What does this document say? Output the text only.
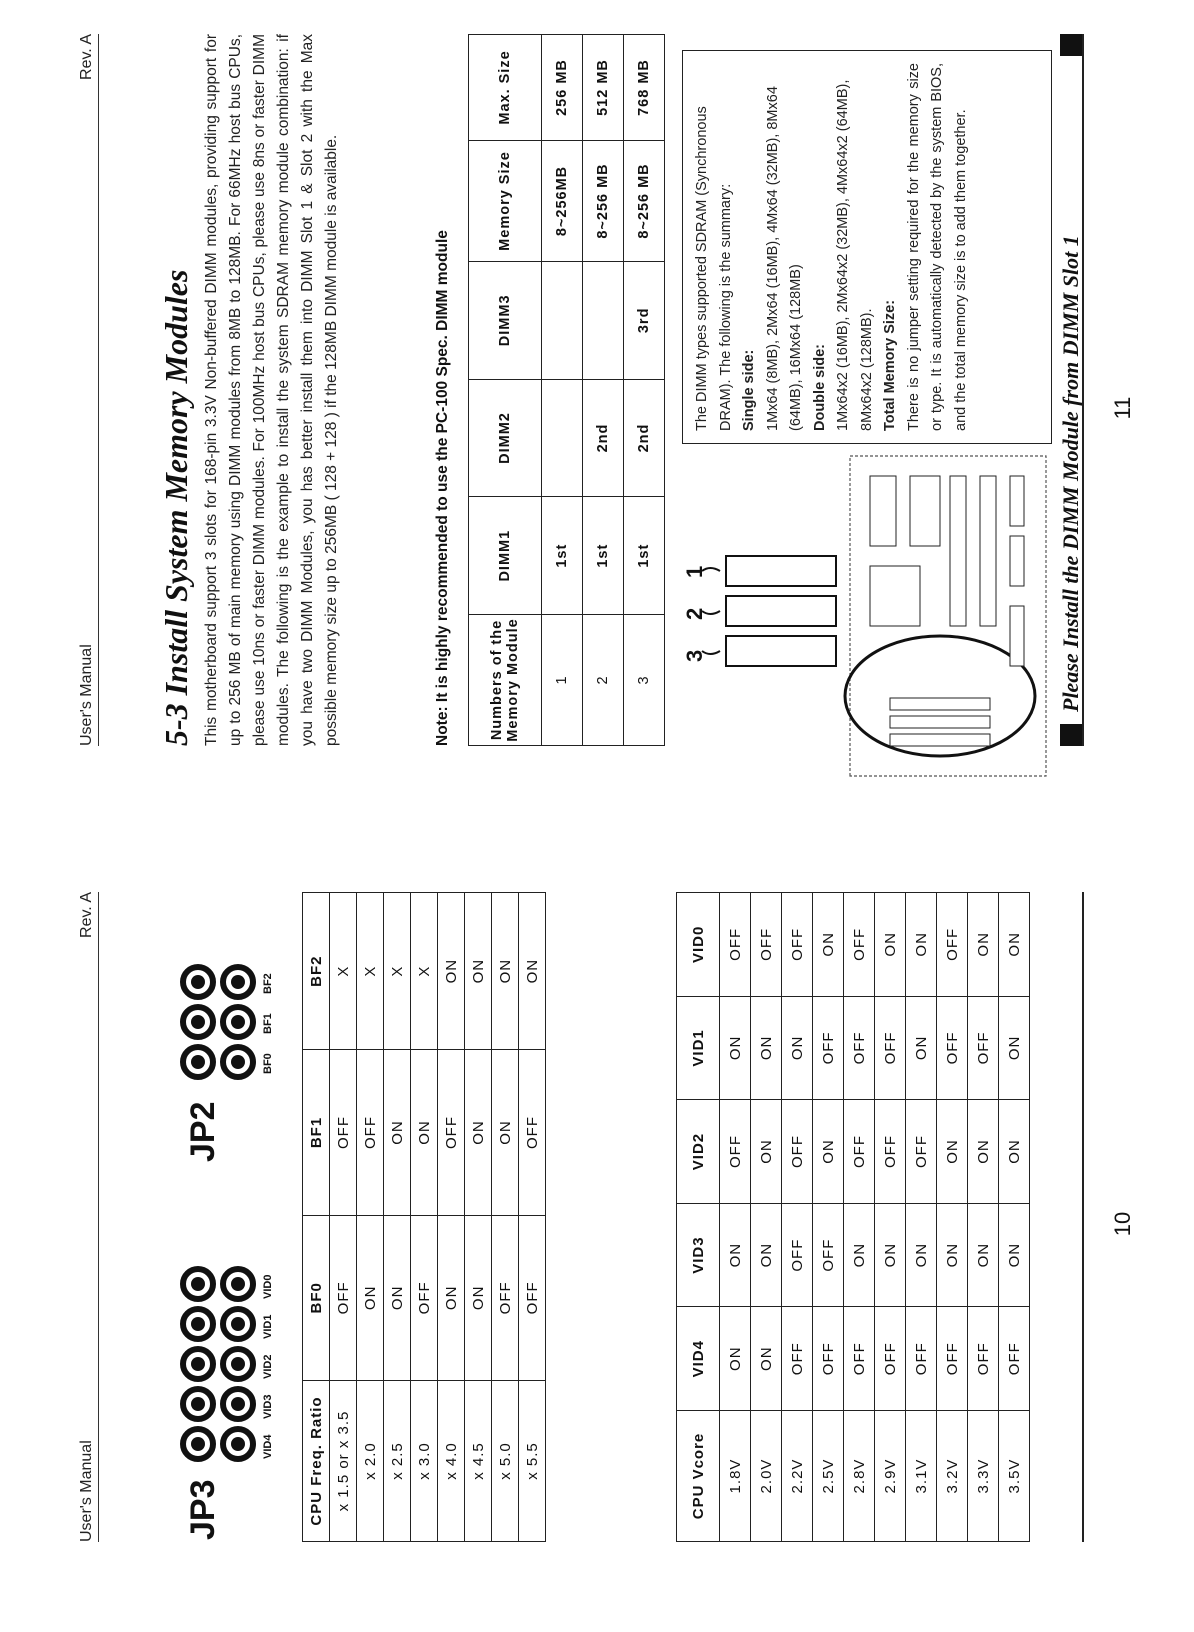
User's Manual
Rev. A
JP3
VID4
VID3
VID2
VID1
VID0
JP2
BF0
BF1
BF2
CPU Freq. Ratio	BF0	BF1	BF2
x 1.5 or x 3.5	OFF	OFF	X
x 2.0	ON	OFF	X
x 2.5	ON	ON	X
x 3.0	OFF	ON	X
x 4.0	ON	OFF	ON
x 4.5	ON	ON	ON
x 5.0	OFF	ON	ON
x 5.5	OFF	OFF	ON
CPU Vcore	VID4	VID3	VID2	VID1	VID0
1.8V	ON	ON	OFF	ON	OFF
2.0V	ON	ON	ON	ON	OFF
2.2V	OFF	OFF	OFF	ON	OFF
2.5V	OFF	OFF	ON	OFF	ON
2.8V	OFF	ON	OFF	OFF	OFF
2.9V	OFF	ON	OFF	OFF	ON
3.1V	OFF	ON	OFF	ON	ON
3.2V	OFF	ON	ON	OFF	OFF
3.3V	OFF	ON	ON	OFF	ON
3.5V	OFF	ON	ON	ON	ON
10
User's Manual
Rev. A
5-3 Install System Memory Modules This motherboard support 3 slots for 168-pin 3.3V Non-buffered DIMM modules, providing support for up to 256 MB of main memory using DIMM modules from 8MB to 128MB. For 66MHz host bus CPUs, please use 10ns or faster DIMM modules. For 100MHz host bus CPUs, please use 8ns or faster DIMM modules. The following is the example to install the system SDRAM memory module combination: if you have two DIMM Modules, you has better install them into DIMM Slot 1 & Slot 2 with the Max possible memory size up to 256MB ( 128 + 128 ) if the 128MB DIMM module is available.	Note: It is highly recommended to use the PC-100 Spec. DIMM module	Numbers of the Memory Module	DIMM1	DIMM2	DIMM3	Memory Size	Max. Size
1	1st			8~256MB	256 MB
2	1st	2nd		8~256 MB	512 MB
3	1st	2nd	3rd	8~256 MB	768 MB
3
2
1
The DIMM types supported SDRAM (Synchronous DRAM). The following is the summary: Single side: 1Mx64 (8MB), 2Mx64 (16MB), 4Mx64 (32MB), 8Mx64 (64MB), 16Mx64 (128MB) Double side: 1Mx64x2 (16MB), 2Mx64x2 (32MB), 4Mx64x2 (64MB), 8Mx64x2 (128MB). Total Memory Size: There is no jumper setting required for the memory size or type. It is automatically detected by the system BIOS, and the total memory size is to add them together.	Please Install the DIMM Module from DIMM Slot 1 11
